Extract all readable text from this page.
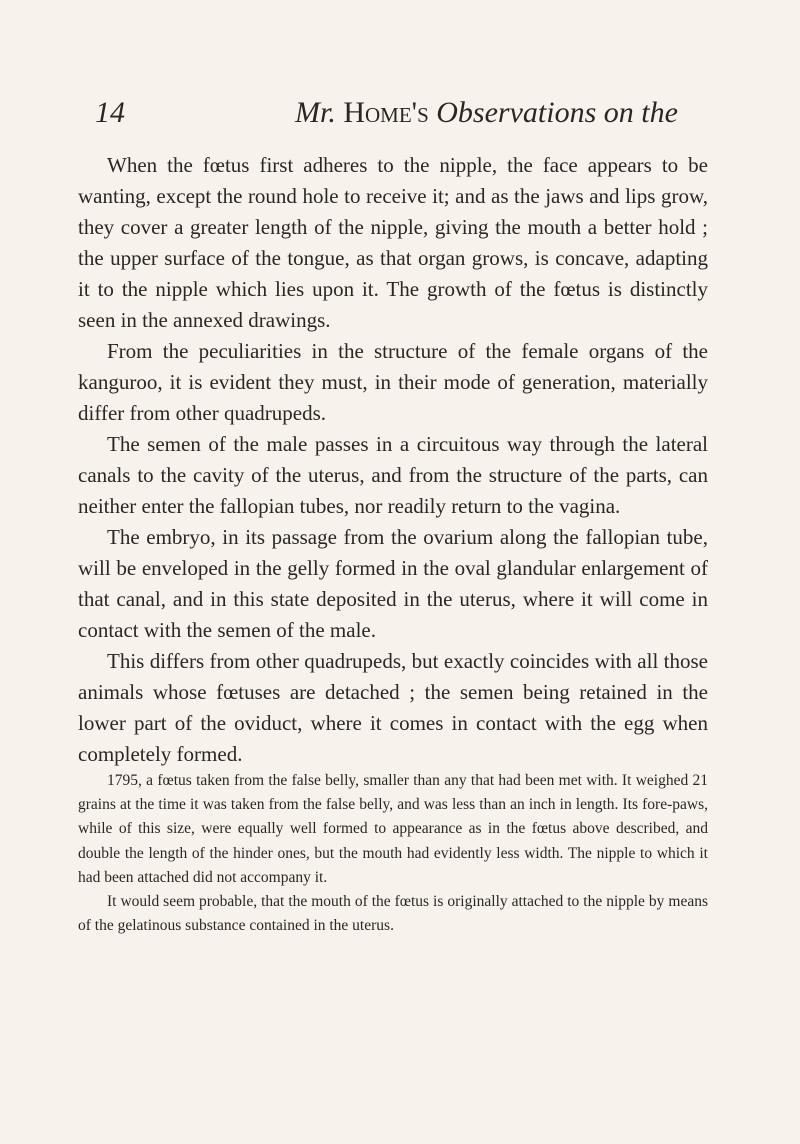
14	Mr. Home's Observations on the

When the fœtus first adheres to the nipple, the face appears to be wanting, except the round hole to receive it; and as the jaws and lips grow, they cover a greater length of the nipple, giving the mouth a better hold ; the upper surface of the tongue, as that organ grows, is concave, adapting it to the nipple which lies upon it. The growth of the fœtus is distinctly seen in the annexed drawings.

From the peculiarities in the structure of the female organs of the kanguroo, it is evident they must, in their mode of generation, materially differ from other quadrupeds.

The semen of the male passes in a circuitous way through the lateral canals to the cavity of the uterus, and from the structure of the parts, can neither enter the fallopian tubes, nor readily return to the vagina.

The embryo, in its passage from the ovarium along the fallopian tube, will be enveloped in the gelly formed in the oval glandular enlargement of that canal, and in this state deposited in the uterus, where it will come in contact with the semen of the male.

This differs from other quadrupeds, but exactly coincides with all those animals whose fœtuses are detached ; the semen being retained in the lower part of the oviduct, where it comes in contact with the egg when completely formed.

1795, a fœtus taken from the false belly, smaller than any that had been met with. It weighed 21 grains at the time it was taken from the false belly, and was less than an inch in length. Its fore-paws, while of this size, were equally well formed to appearance as in the fœtus above described, and double the length of the hinder ones, but the mouth had evidently less width. The nipple to which it had been attached did not accompany it.

It would seem probable, that the mouth of the fœtus is originally attached to the nipple by means of the gelatinous substance contained in the uterus.
